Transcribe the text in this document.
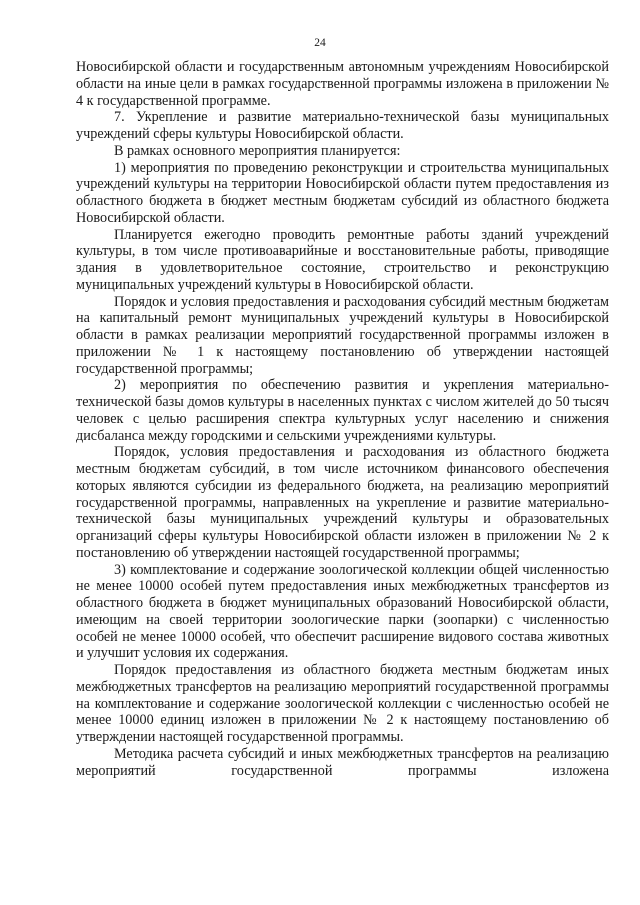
24

Новосибирской области и государственным автономным учреждениям Новосибирской области на иные цели в рамках государственной программы изложена в приложении № 4 к государственной программе.

7. Укрепление и развитие материально-технической базы муниципальных учреждений сферы культуры Новосибирской области.

В рамках основного мероприятия планируется:

1) мероприятия по проведению реконструкции и строительства муниципальных учреждений культуры на территории Новосибирской области путем предоставления из областного бюджета в бюджет местным бюджетам субсидий из областного бюджета Новосибирской области.

Планируется ежегодно проводить ремонтные работы зданий учреждений культуры, в том числе противоаварийные и восстановительные работы, приводящие здания в удовлетворительное состояние, строительство и реконструкцию муниципальных учреждений культуры в Новосибирской области.

Порядок и условия предоставления и расходования субсидий местным бюджетам на капитальный ремонт муниципальных учреждений культуры в Новосибирской области в рамках реализации мероприятий государственной программы изложен в приложении № 1 к настоящему постановлению об утверждении настоящей государственной программы;

2) мероприятия по обеспечению развития и укрепления материально-технической базы домов культуры в населенных пунктах с числом жителей до 50 тысяч человек с целью расширения спектра культурных услуг населению и снижения дисбаланса между городскими и сельскими учреждениями культуры.

Порядок, условия предоставления и расходования из областного бюджета местным бюджетам субсидий, в том числе источником финансового обеспечения которых являются субсидии из федерального бюджета, на реализацию мероприятий государственной программы, направленных на укрепление и развитие материально-технической базы муниципальных учреждений культуры и образовательных организаций сферы культуры Новосибирской области изложен в приложении № 2 к постановлению об утверждении настоящей государственной программы;

3) комплектование и содержание зоологической коллекции общей численностью не менее 10000 особей путем предоставления иных межбюджетных трансфертов из областного бюджета в бюджет муниципальных образований Новосибирской области, имеющим на своей территории зоологические парки (зоопарки) с численностью особей не менее 10000 особей, что обеспечит расширение видового состава животных и улучшит условия их содержания.

Порядок предоставления из областного бюджета местным бюджетам иных межбюджетных трансфертов на реализацию мероприятий государственной программы на комплектование и содержание зоологической коллекции с численностью особей не менее 10000 единиц изложен в приложении № 2 к настоящему постановлению об утверждении настоящей государственной программы.

Методика расчета субсидий и иных межбюджетных трансфертов на реализацию мероприятий государственной программы изложена
